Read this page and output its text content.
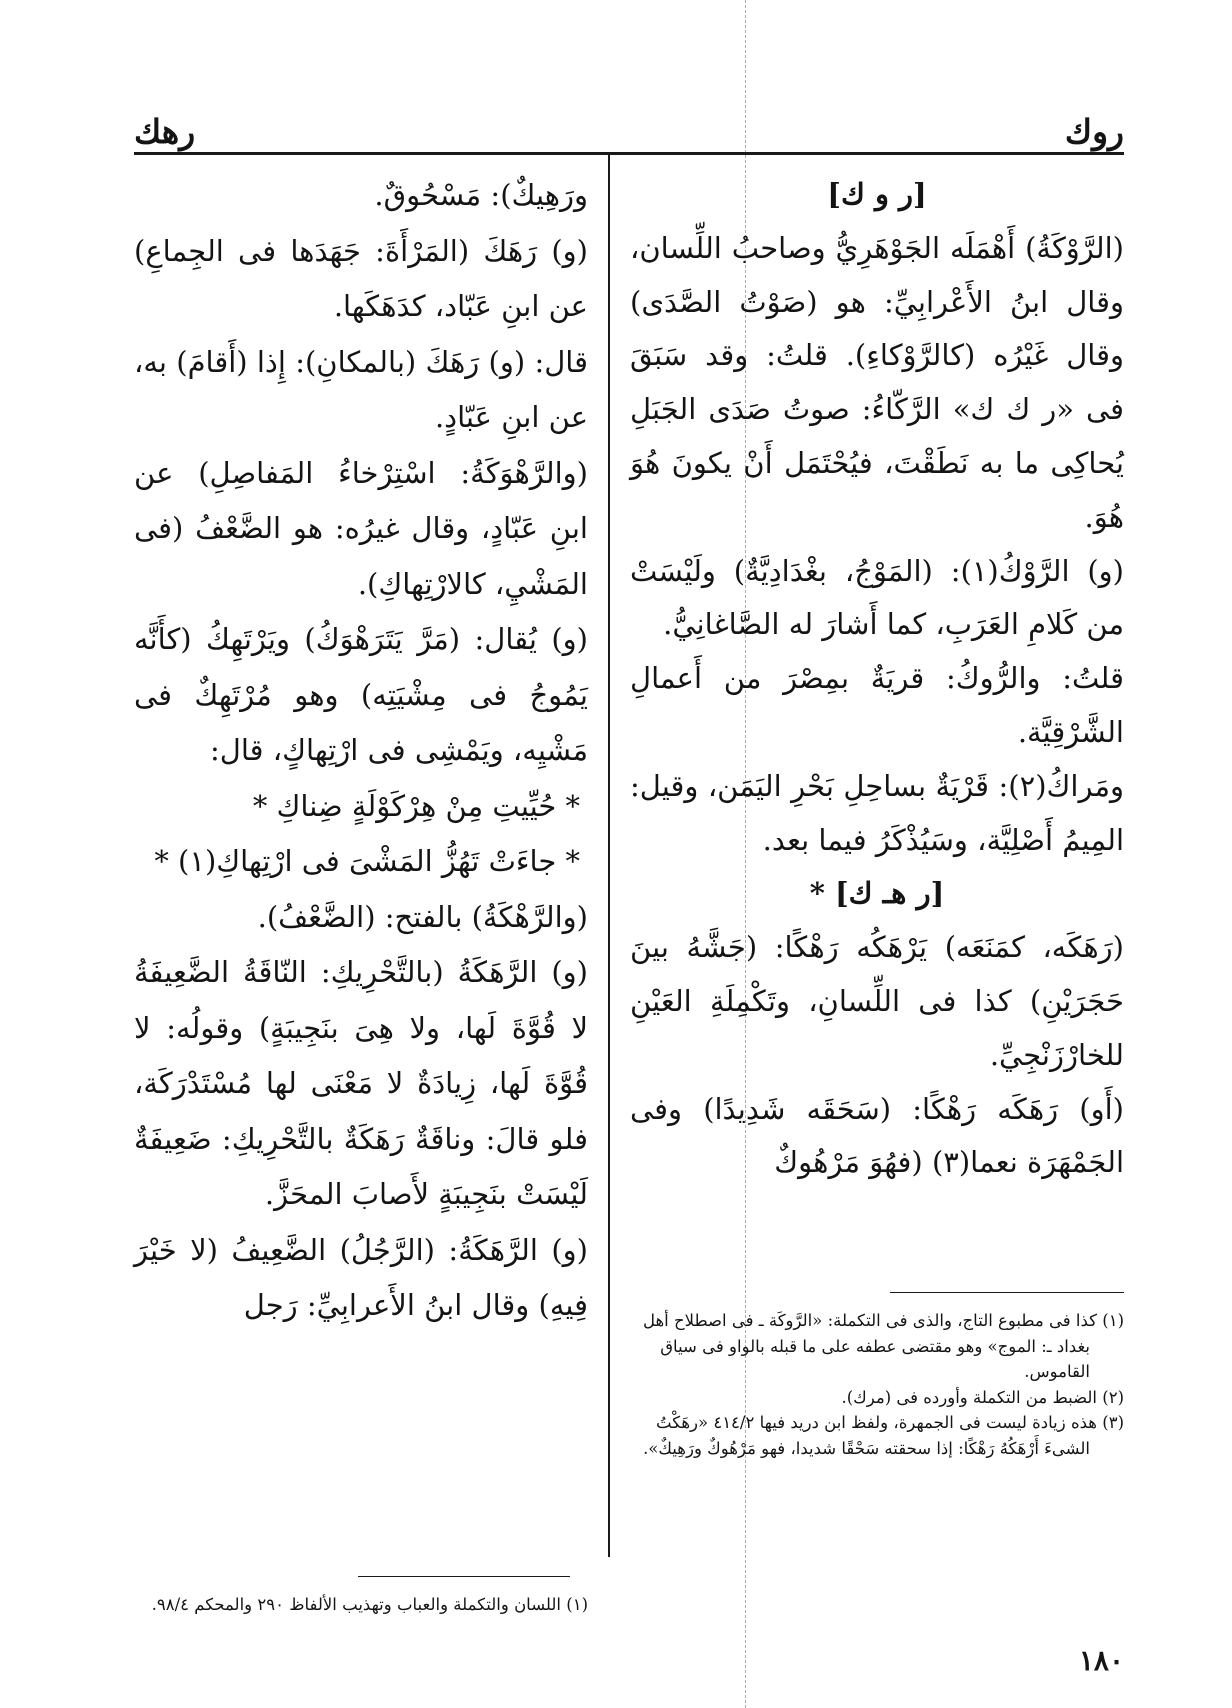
روك
رهك

[ر و ك]

(الرَّوْكَةُ) أَهْمَلَه الجَوْهَرِيُّ وصاحبُ اللِّسان، وقال ابنُ الأَعْرابِيِّ: هو (صَوْتُ الصَّدَى) وقال غَيْرُه (كالرَّوْكاءِ). قلتُ: وقد سَبَقَ فى «ر ك ك» الرَّكّاءُ: صوتُ صَدَى الجَبَلِ يُحاكِى ما به نَطَقْتَ، فيُحْتَمَل أَنْ يكونَ هُوَ هُوَ.

(و) الرَّوْكُ(١): (المَوْجُ، بغْدَادِيَّةٌ) ولَيْسَتْ من كَلامِ العَرَبِ، كما أَشارَ له الصَّاغانِيُّ.

قلتُ: والرُّوكُ: قريَةٌ بمِصْرَ من أَعمالِ الشَّرْقِيَّة.

ومَراكُ(٢): قَرْيَةٌ بساحِلِ بَحْرِ اليَمَن، وقيل: المِيمُ أَصْلِيَّة، وسَيُذْكَرُ فيما بعد.

[ر هـ ك] *

(رَهَكَه، كمَنَعَه) يَرْهَكُه رَهْكًا: (جَشَّهُ بينَ حَجَرَيْنِ) كذا فى اللِّسانِ، وتَكْمِلَةِ العَيْنِ للخارْزَنْجِيِّ.

(أَو) رَهَكَه رَهْكًا: (سَحَقَه شَدِيدًا) وفى الجَمْهَرَة نعما(٣) (فهُوَ مَرْهُوكٌ

ورَهِيكٌ): مَسْحُوقٌ.

(و) رَهَكَ (المَرْأَةَ: جَهَدَها فى الجِماعِ) عن ابنِ عَبّاد، كدَهَكَها.

قال: (و) رَهَكَ (بالمكانِ): إِذا (أَقامَ) به، عن ابنِ عَبّادٍ.

(والرَّهْوَكَةُ: اسْتِرْخاءُ المَفاصِلِ) عن ابنِ عَبّادٍ، وقال غيرُه: هو الضَّعْفُ (فى المَشْيِ، كالارْتِهاكِ).

(و) يُقال: (مَرَّ يَتَرَهْوَكُ) ويَرْتَهِكُ (كأَنَّه يَمُوجُ فى مِشْيَتِه) وهو مُرْتَهِكٌ فى مَشْيِه، ويَمْشِى فى ارْتِهاكٍ، قال:

* حُيِّيتِ مِنْ هِرْكَوْلَةٍ ضِناكِ *

* جاءَتْ تَهُزُّ المَشْىَ فى ارْتِهاكِ(١) *

(والرَّهْكَةُ) بالفتح: (الضَّعْفُ).

(و) الرَّهَكَةُ (بالتَّحْرِيكِ: النّاقَةُ الضَّعِيفَةُ لا قُوَّةَ لَها، ولا هِىَ بنَجِيبَةٍ) وقولُه: لا قُوَّةَ لَها، زِيادَةٌ لا مَعْنَى لها مُسْتَدْرَكَة، فلو قالَ: وناقَةٌ رَهَكَةٌ بالتَّحْرِيكِ: ضَعِيفَةٌ لَيْسَتْ بنَجِيبَةٍ لأَصابَ المحَزَّ.

(و) الرَّهَكَةُ: (الرَّجُلُ) الضَّعِيفُ (لا خَيْرَ فِيهِ) وقال ابنُ الأَعرابِيِّ: رَجل	(١) كذا فى مطبوع التاج، والذى فى التكملة: «الرَّوكَة ـ فى اصطلاح أهل بغداد ـ: الموج» وهو مقتضى عطفه على ما قبله بالواو فى سياق القاموس.

(٢) الضبط من التكملة وأورده فى (مرك).

(٣) هذه زيادة ليست فى الجمهرة، ولفظ ابن دريد فيها ٤١٤/٢ «رهَكْتُ الشىءَ أَرْهَكُهُ رَهْكًا: إذا سحقته سَحْقًا شديدا، فهو مَرْهُوكٌ ورَهِيكٌ».

(١) اللسان والتكملة والعباب وتهذيب الألفاظ ٢٩٠ والمحكم ٩٨/٤.

١٨٠
